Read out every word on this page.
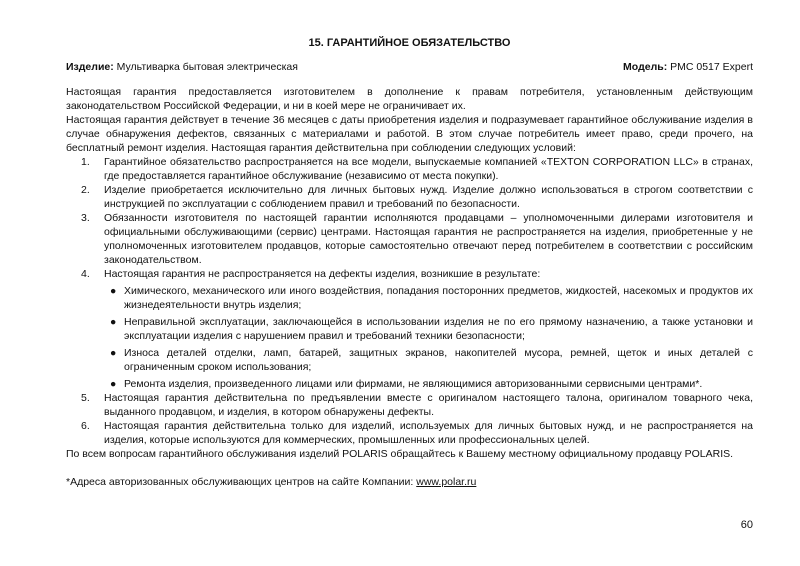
15. ГАРАНТИЙНОЕ ОБЯЗАТЕЛЬСТВО
Изделие: Мультиварка бытовая электрическая	Модель: PMC 0517 Expert

Настоящая гарантия предоставляется изготовителем в дополнение к правам потребителя, установленным действующим законодательством Российской Федерации, и ни в коей мере не ограничивает их.

Настоящая гарантия действует в течение 36 месяцев с даты приобретения изделия и подразумевает гарантийное обслуживание изделия в случае обнаружения дефектов, связанных с материалами и работой. В этом случае потребитель имеет право, среди прочего, на бесплатный ремонт изделия. Настоящая гарантия действительна при соблюдении следующих условий:

1. Гарантийное обязательство распространяется на все модели, выпускаемые компанией «TEXTON CORPORATION LLC» в странах, где предоставляется гарантийное обслуживание (независимо от места покупки).
2. Изделие приобретается исключительно для личных бытовых нужд. Изделие должно использоваться в строгом соответствии с инструкцией по эксплуатации с соблюдением правил и требований по безопасности.
3. Обязанности изготовителя по настоящей гарантии исполняются продавцами – уполномоченными дилерами изготовителя и официальными обслуживающими (сервис) центрами. Настоящая гарантия не распространяется на изделия, приобретенные у не уполномоченных изготовителем продавцов, которые самостоятельно отвечают перед потребителем в соответствии с российским законодательством.
4. Настоящая гарантия не распространяется на дефекты изделия, возникшие в результате:
● Химического, механического или иного воздействия, попадания посторонних предметов, жидкостей, насекомых и продуктов их жизнедеятельности внутрь изделия;
● Неправильной эксплуатации, заключающейся в использовании изделия не по его прямому назначению, а также установки и эксплуатации изделия с нарушением правил и требований техники безопасности;
● Износа деталей отделки, ламп, батарей, защитных экранов, накопителей мусора, ремней, щеток и иных деталей с ограниченным сроком использования;
● Ремонта изделия, произведенного лицами или фирмами, не являющимися авторизованными сервисными центрами*.
5. Настоящая гарантия действительна по предъявлении вместе с оригиналом настоящего талона, оригиналом товарного чека, выданного продавцом, и изделия, в котором обнаружены дефекты.
6. Настоящая гарантия действительна только для изделий, используемых для личных бытовых нужд, и не распространяется на изделия, которые используются для коммерческих, промышленных или профессиональных целей.

По всем вопросам гарантийного обслуживания изделий POLARIS обращайтесь к Вашему местному официальному продавцу POLARIS.

*Адреса авторизованных обслуживающих центров на сайте Компании: www.polar.ru

60
